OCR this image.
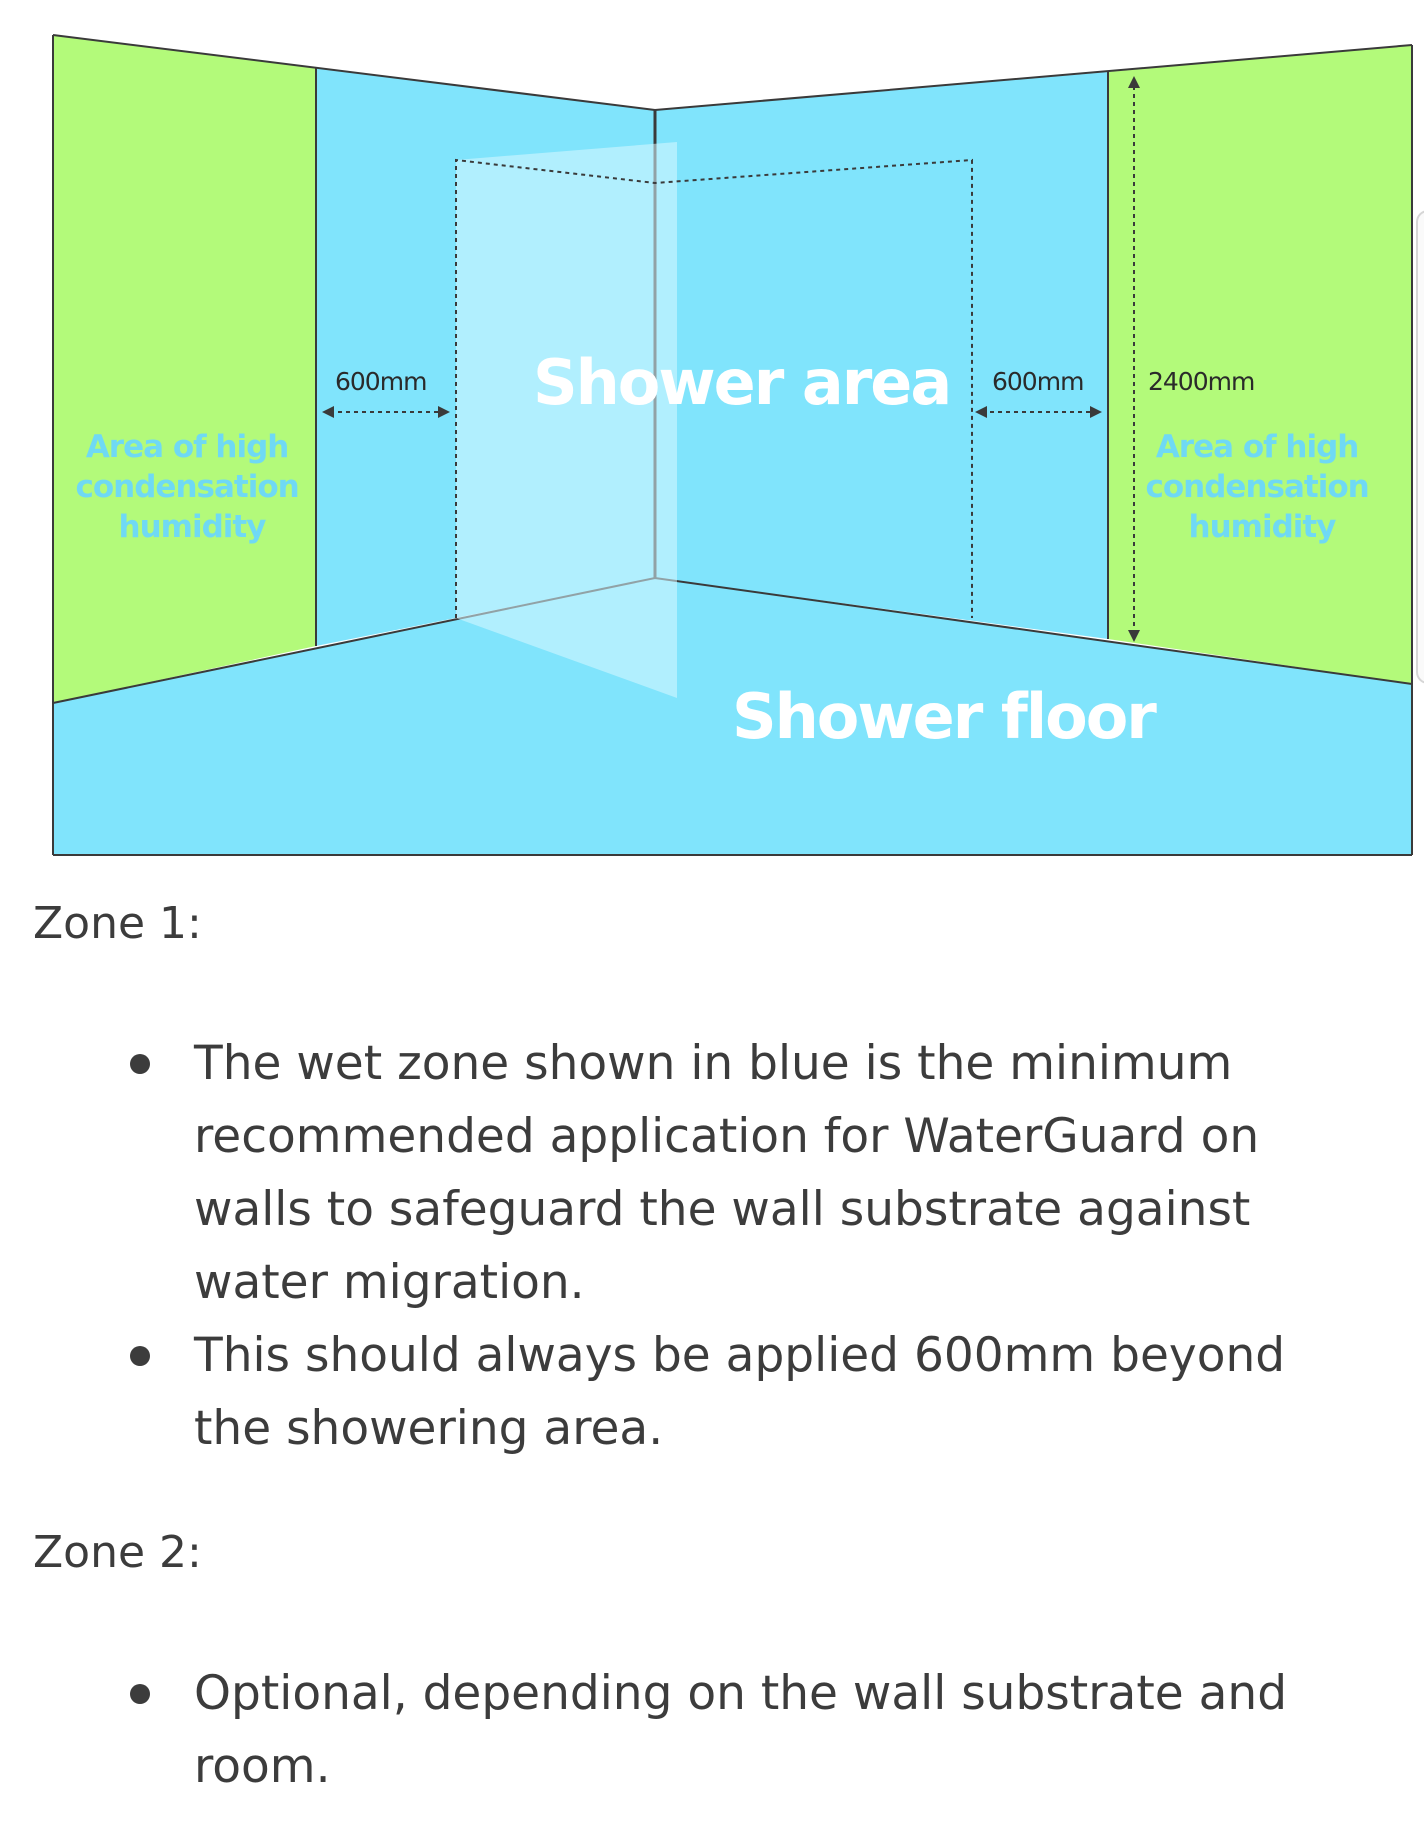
600mm	600mm	2400mm
Shower area
Shower floor
Area of high condensation humidity
Area of high condensation humidity
Zone 1:
The wet zone shown in blue is the minimum recommended application for WaterGuard on walls to safeguard the wall substrate against water migration.
This should always be applied 600mm beyond the showering area.
Zone 2:
Optional, depending on the wall substrate and room.
